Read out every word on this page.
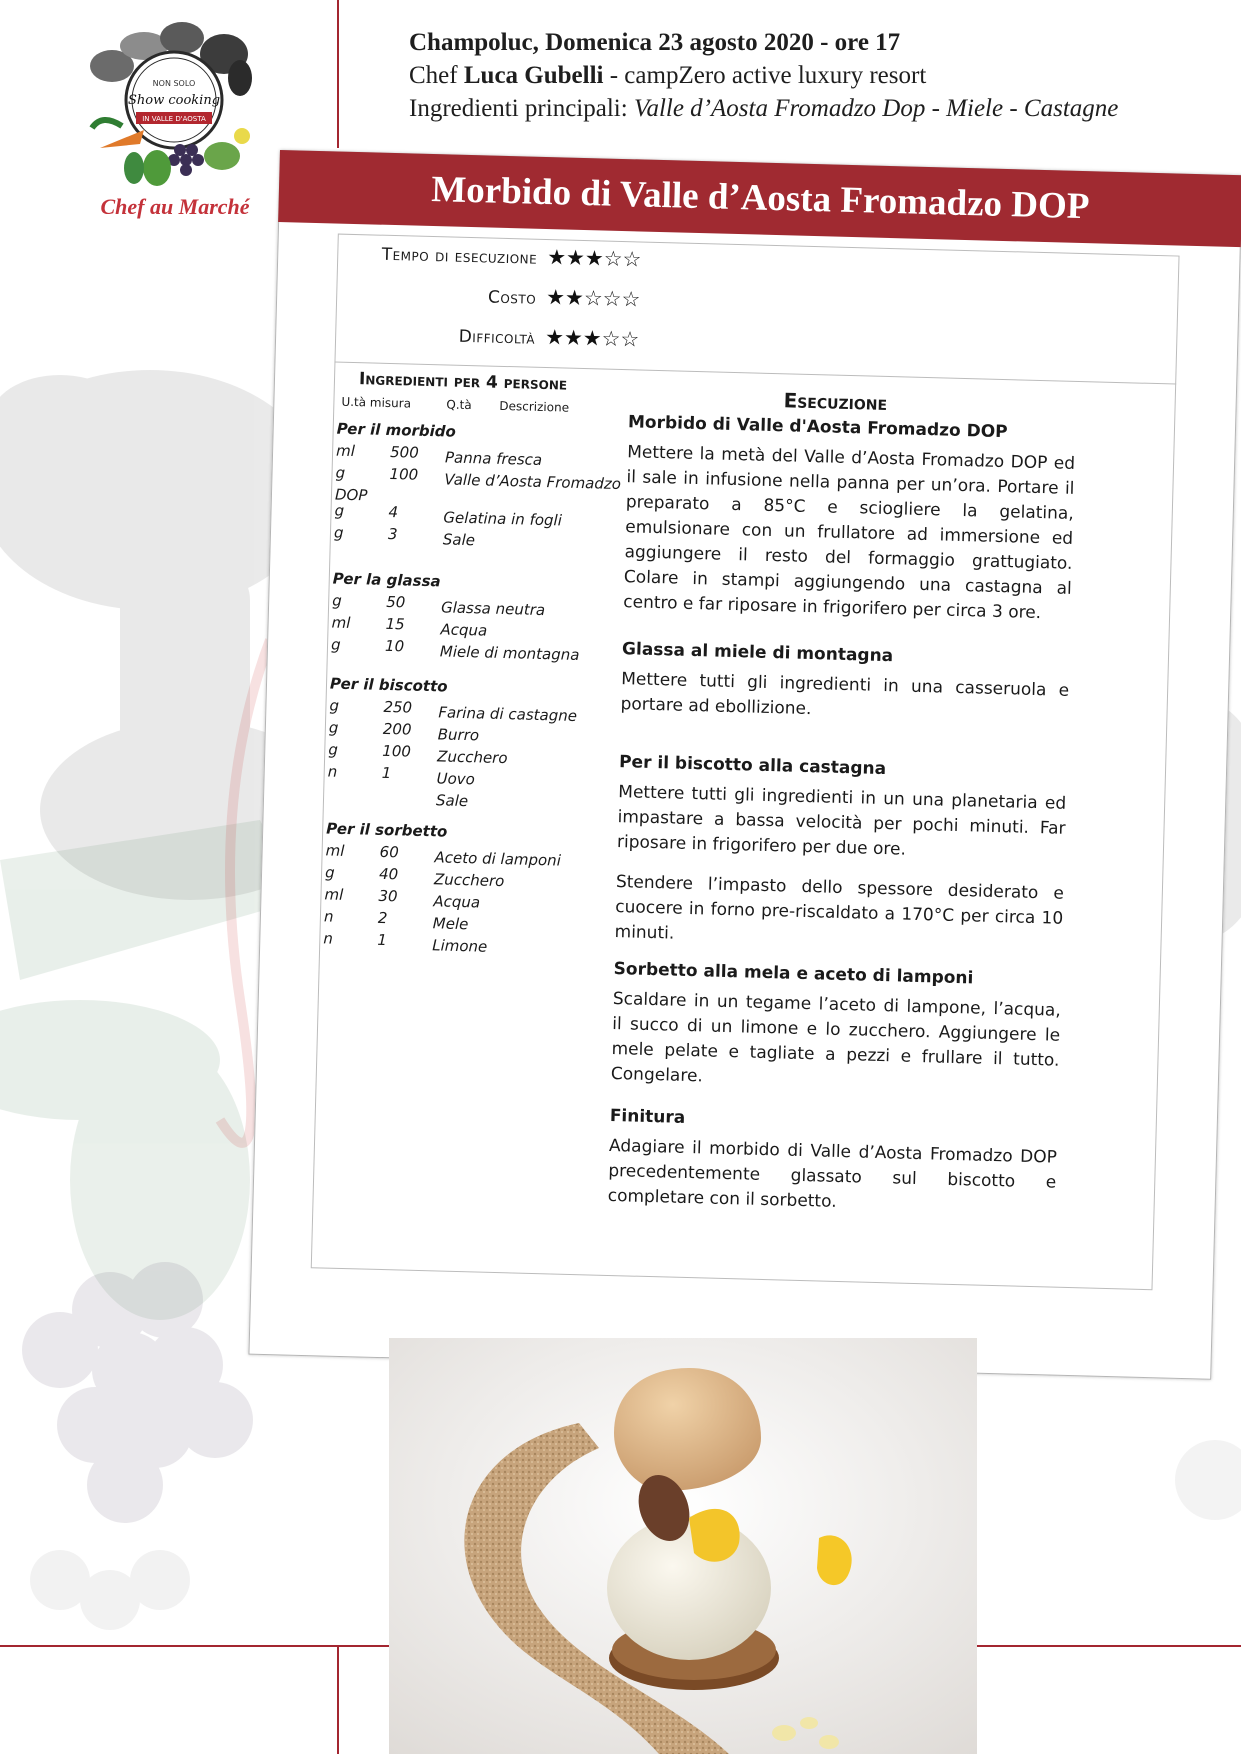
NON SOLO
Show cooking
IN VALLE D'AOSTA
Chef au Marché
Champoluc, Domenica 23 agosto 2020 - ore 17
Chef Luca Gubelli - campZero active luxury resort
Ingredienti principali: Valle d’Aosta Fromadzo Dop - Miele - Castagne
Morbido di Valle d’Aosta Fromadzo DOP
Tempo di esecuzione ★★★☆☆
Costo ★★☆☆☆
Difficoltà ★★★☆☆
Ingredienti per 4 persone
U.tà misura	Q.tà Descrizione	Esecuzione
Per il morbido
ml 500 Panna fresca
g	100 Valle d’Aosta Fromadzo
DOP
g	4	Gelatina in fogli
g	3	Sale
Per la glassa
g	50 Glassa neutra
ml 15 Acqua
g	10 Miele di montagna
Per il biscotto
g	250 Farina di castagne
g	200 Burro
g	100 Zucchero
n	1	Uovo
Sale
Per il sorbetto
ml 60 Aceto di lamponi
g	40 Zucchero
ml 30 Acqua
n	2	Mele
n	1	Limone
Morbido di Valle d'Aosta Fromadzo DOP
Mettere la metà del Valle d’Aosta Fromadzo DOP ed il sale in infusione nella panna per un’ora. Portare il preparato a 85°C e sciogliere la gelatina, emulsionare con un frullatore ad immersione ed aggiungere il resto del formaggio grattugiato. Colare in stampi aggiungendo una castagna al centro e far riposare in frigorifero per circa 3 ore.
Glassa al miele di montagna
Mettere tutti gli ingredienti in una casseruola e portare ad ebollizione.
Per il biscotto alla castagna
Mettere tutti gli ingredienti in un una planetaria ed impastare a bassa velocità per pochi minuti. Far riposare in frigorifero per due ore.
Stendere l’impasto dello spessore desiderato e cuocere in forno pre-riscaldato a 170°C per circa 10 minuti.
Sorbetto alla mela e aceto di lamponi
Scaldare in un tegame l’aceto di lampone, l’acqua, il succo di un limone e lo zucchero. Aggiungere le mele pelate e tagliate a pezzi e frullare il tutto. Congelare.
Finitura
Adagiare il morbido di Valle d’Aosta Fromadzo DOP precedentemente glassato sul biscotto e completare con il sorbetto.
